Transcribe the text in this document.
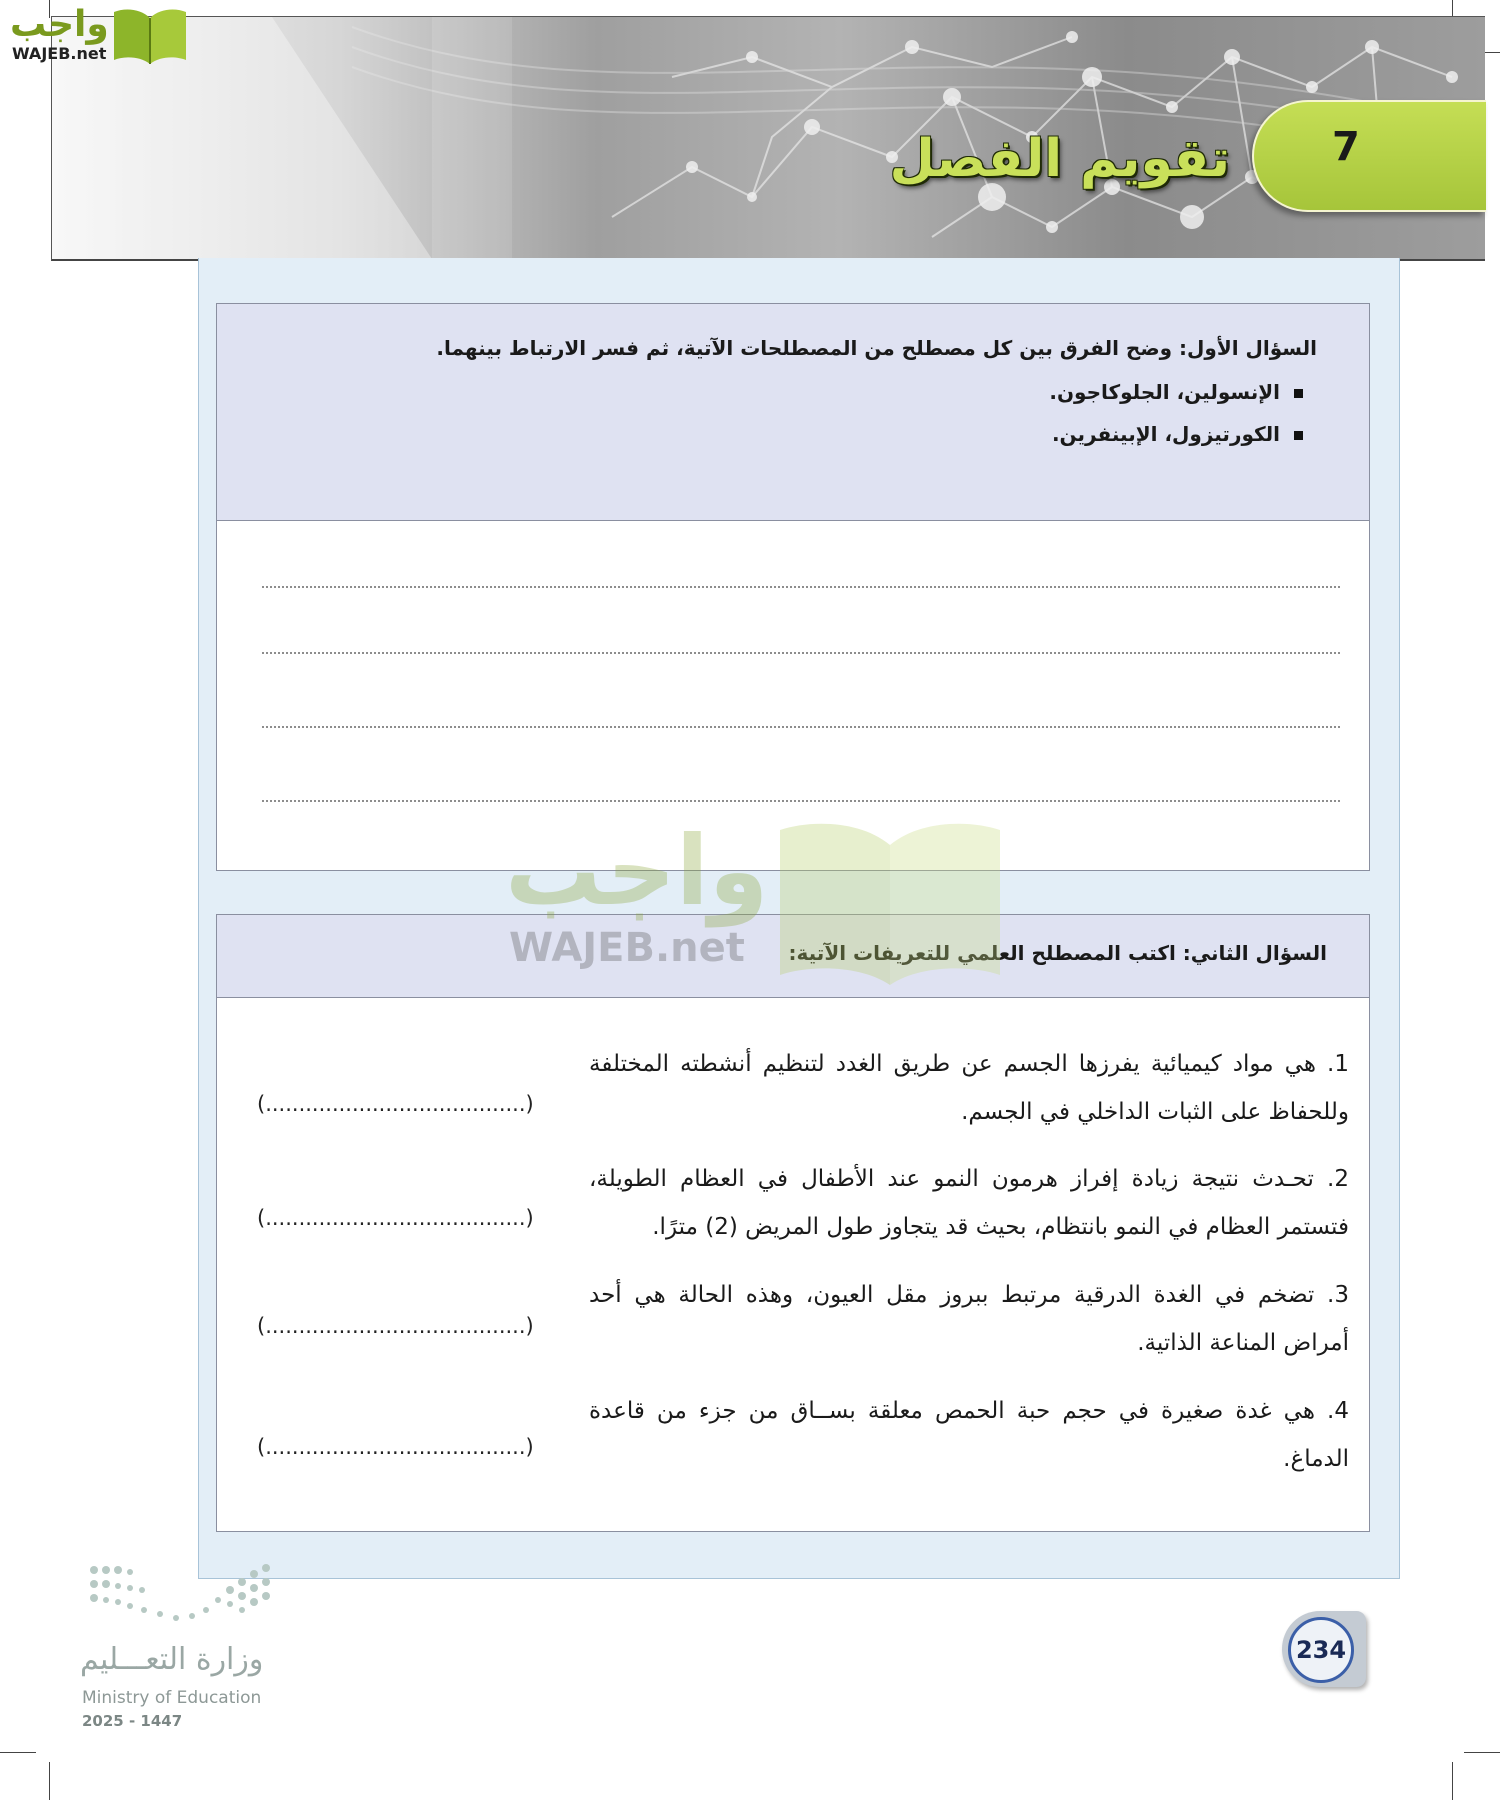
تقويم الفصل	7
واجب
WAJEB.net
السؤال الأول: وضح الفرق بين كل مصطلح من المصطلحات الآتية، ثم فسر الارتباط بينهما.
الإنسولين، الجلوكاجون.
الكورتيزول، الإبينفرين.
السؤال الثاني: اكتب المصطلح العلمي للتعريفات الآتية:
1. هي مواد كيميائية يفرزها الجسم عن طريق الغدد لتنظيم أنشطته المختلفة وللحفاظ على الثبات الداخلي في الجسم.
(.......................................)
2. تحـدث نتيجة زيادة إفراز هرمون النمو عند الأطفال في العظام الطويلة، فتستمر العظام في النمو بانتظام، بحيث قد يتجاوز طول المريض (2) مترًا.
(.......................................)
3. تضخم في الغدة الدرقية مرتبط ببروز مقل العيون، وهذه الحالة هي أحد أمراض المناعة الذاتية.
(.......................................)
4. هي غدة صغيرة في حجم حبة الحمص معلقة بســاق من جزء من قاعدة الدماغ.
(.......................................)
واجب
WAJEB.net
وزارة التعـــليم
Ministry of Education
2025 - 1447
234
